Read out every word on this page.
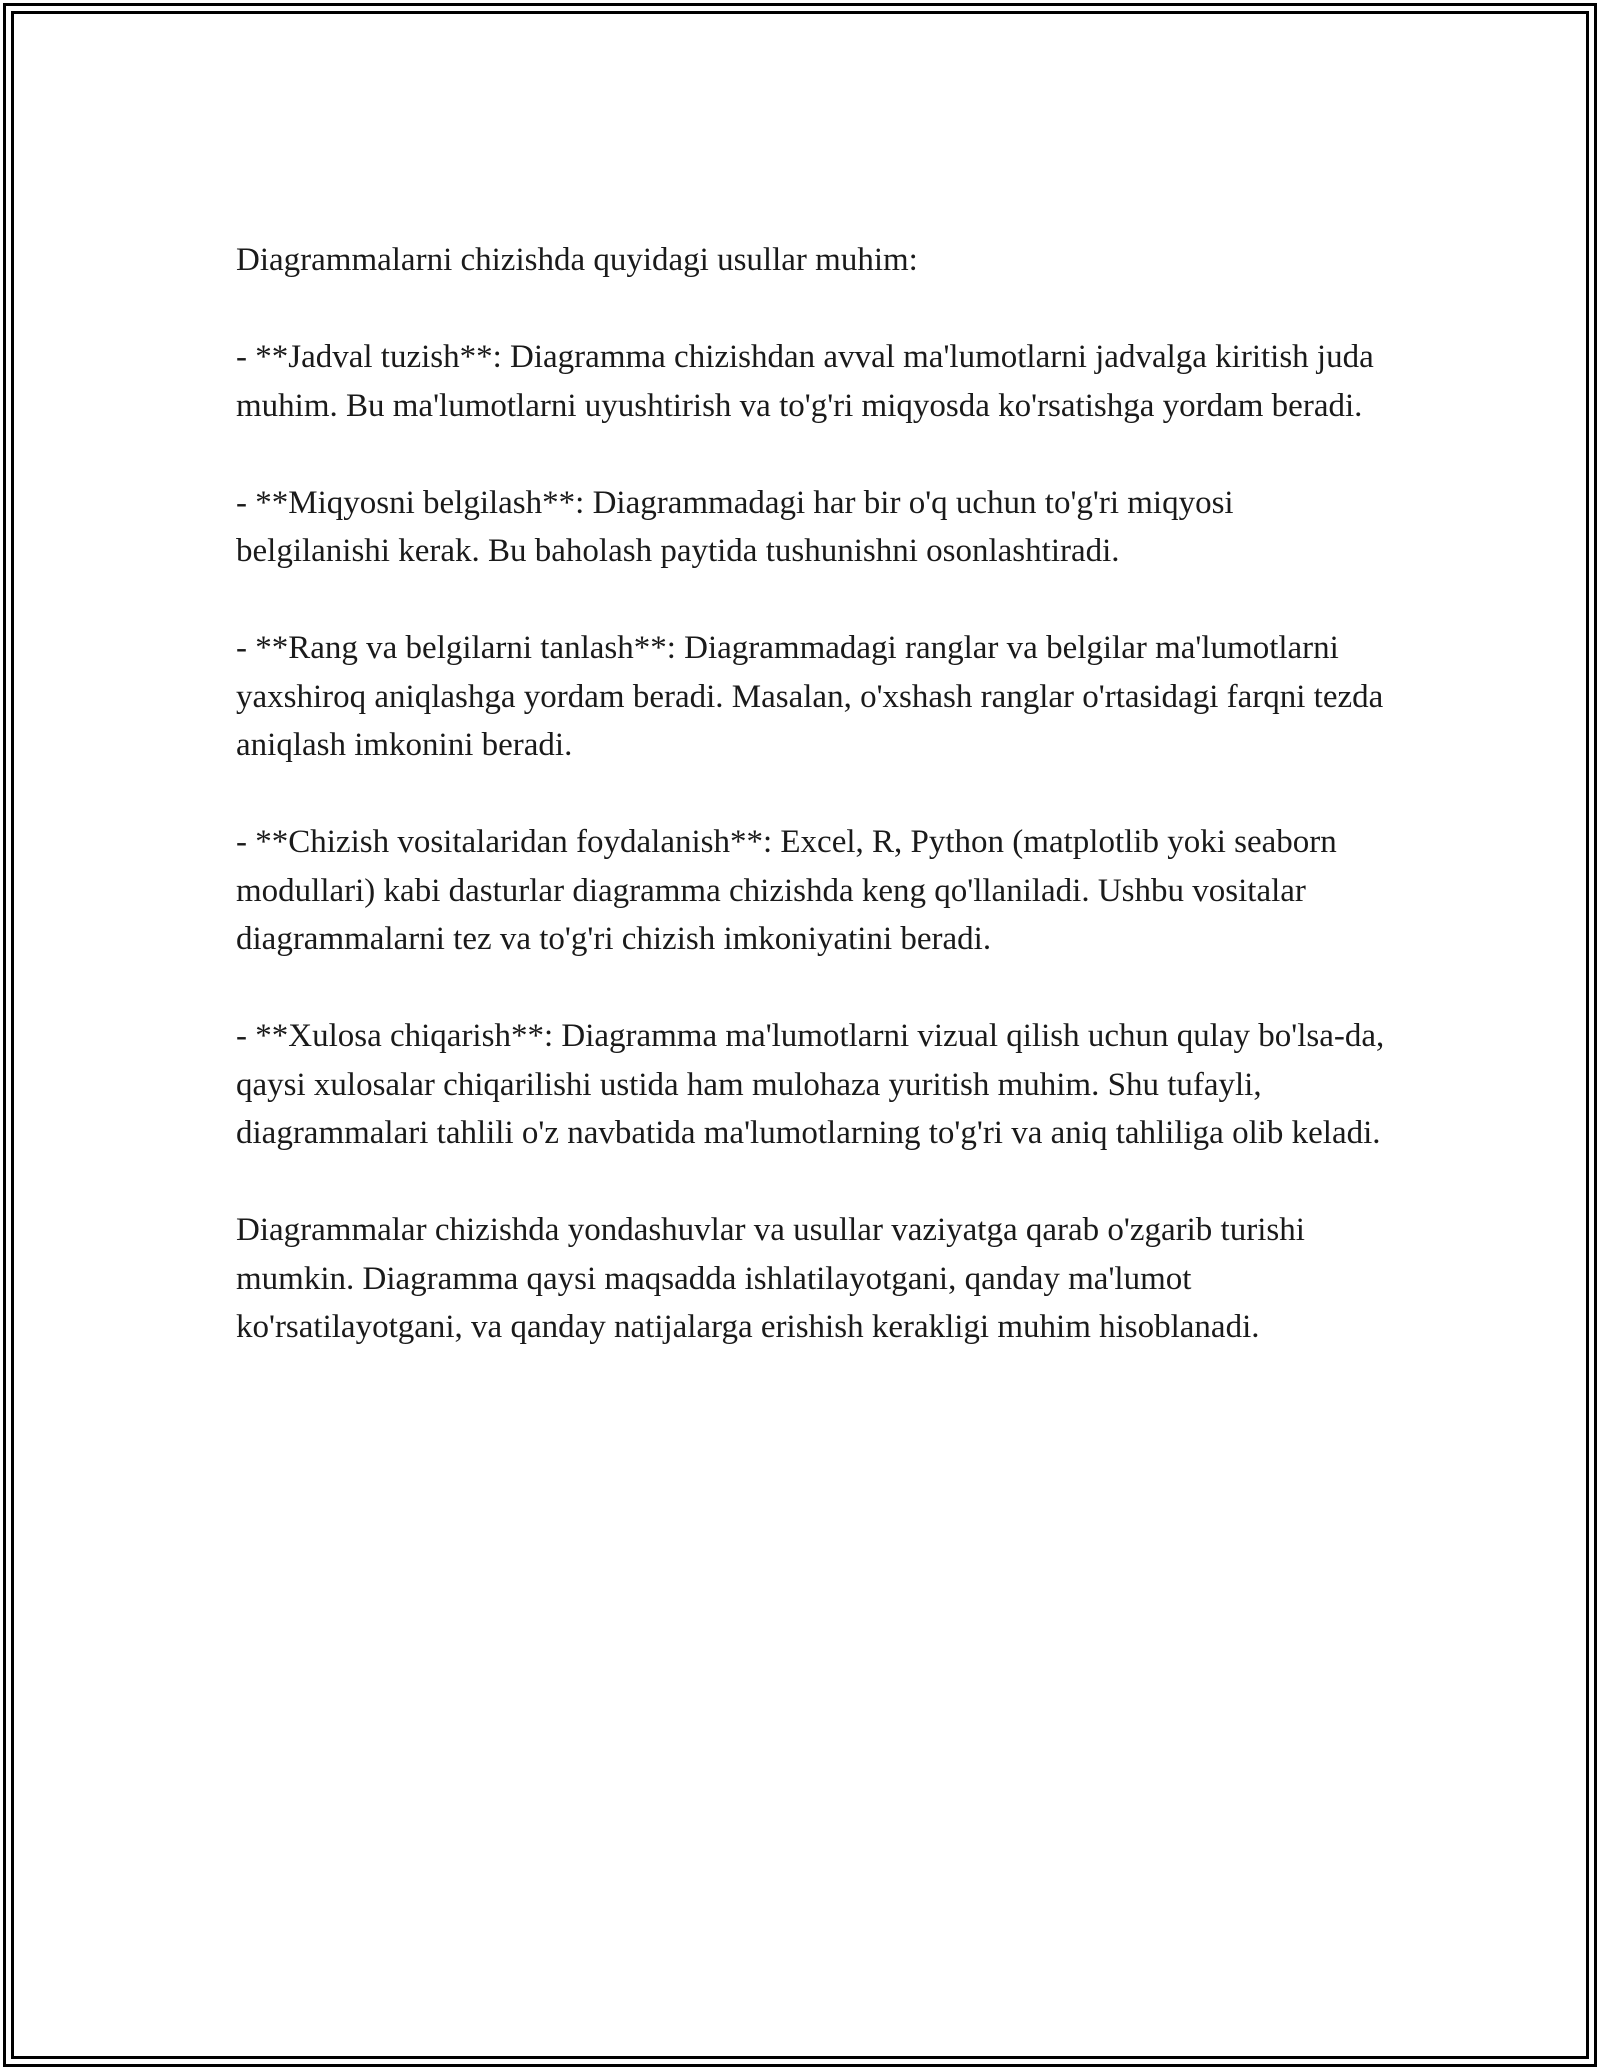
Diagrammalarni chizishda quyidagi usullar muhim:

- **Jadval tuzish**: Diagramma chizishdan avval ma'lumotlarni jadvalga kiritish juda muhim. Bu ma'lumotlarni uyushtirish va to'g'ri miqyosda ko'rsatishga yordam beradi.

- **Miqyosni belgilash**: Diagrammadagi har bir o'q uchun to'g'ri miqyosi belgilanishi kerak. Bu baholash paytida tushunishni osonlashtiradi.

- **Rang va belgilarni tanlash**: Diagrammadagi ranglar va belgilar ma'lumotlarni yaxshiroq aniqlashga yordam beradi. Masalan, o'xshash ranglar o'rtasidagi farqni tezda aniqlash imkonini beradi.

- **Chizish vositalaridan foydalanish**: Excel, R, Python (matplotlib yoki seaborn modullari) kabi dasturlar diagramma chizishda keng qo'llaniladi. Ushbu vositalar diagrammalarni tez va to'g'ri chizish imkoniyatini beradi.

- **Xulosa chiqarish**: Diagramma ma'lumotlarni vizual qilish uchun qulay bo'lsa-da, qaysi xulosalar chiqarilishi ustida ham mulohaza yuritish muhim. Shu tufayli, diagrammalari tahlili o'z navbatida ma'lumotlarning to'g'ri va aniq tahliliga olib keladi.

Diagrammalar chizishda yondashuvlar va usullar vaziyatga qarab o'zgarib turishi mumkin. Diagramma qaysi maqsadda ishlatilayotgani, qanday ma'lumot ko'rsatilayotgani, va qanday natijalarga erishish kerakligi muhim hisoblanadi.
